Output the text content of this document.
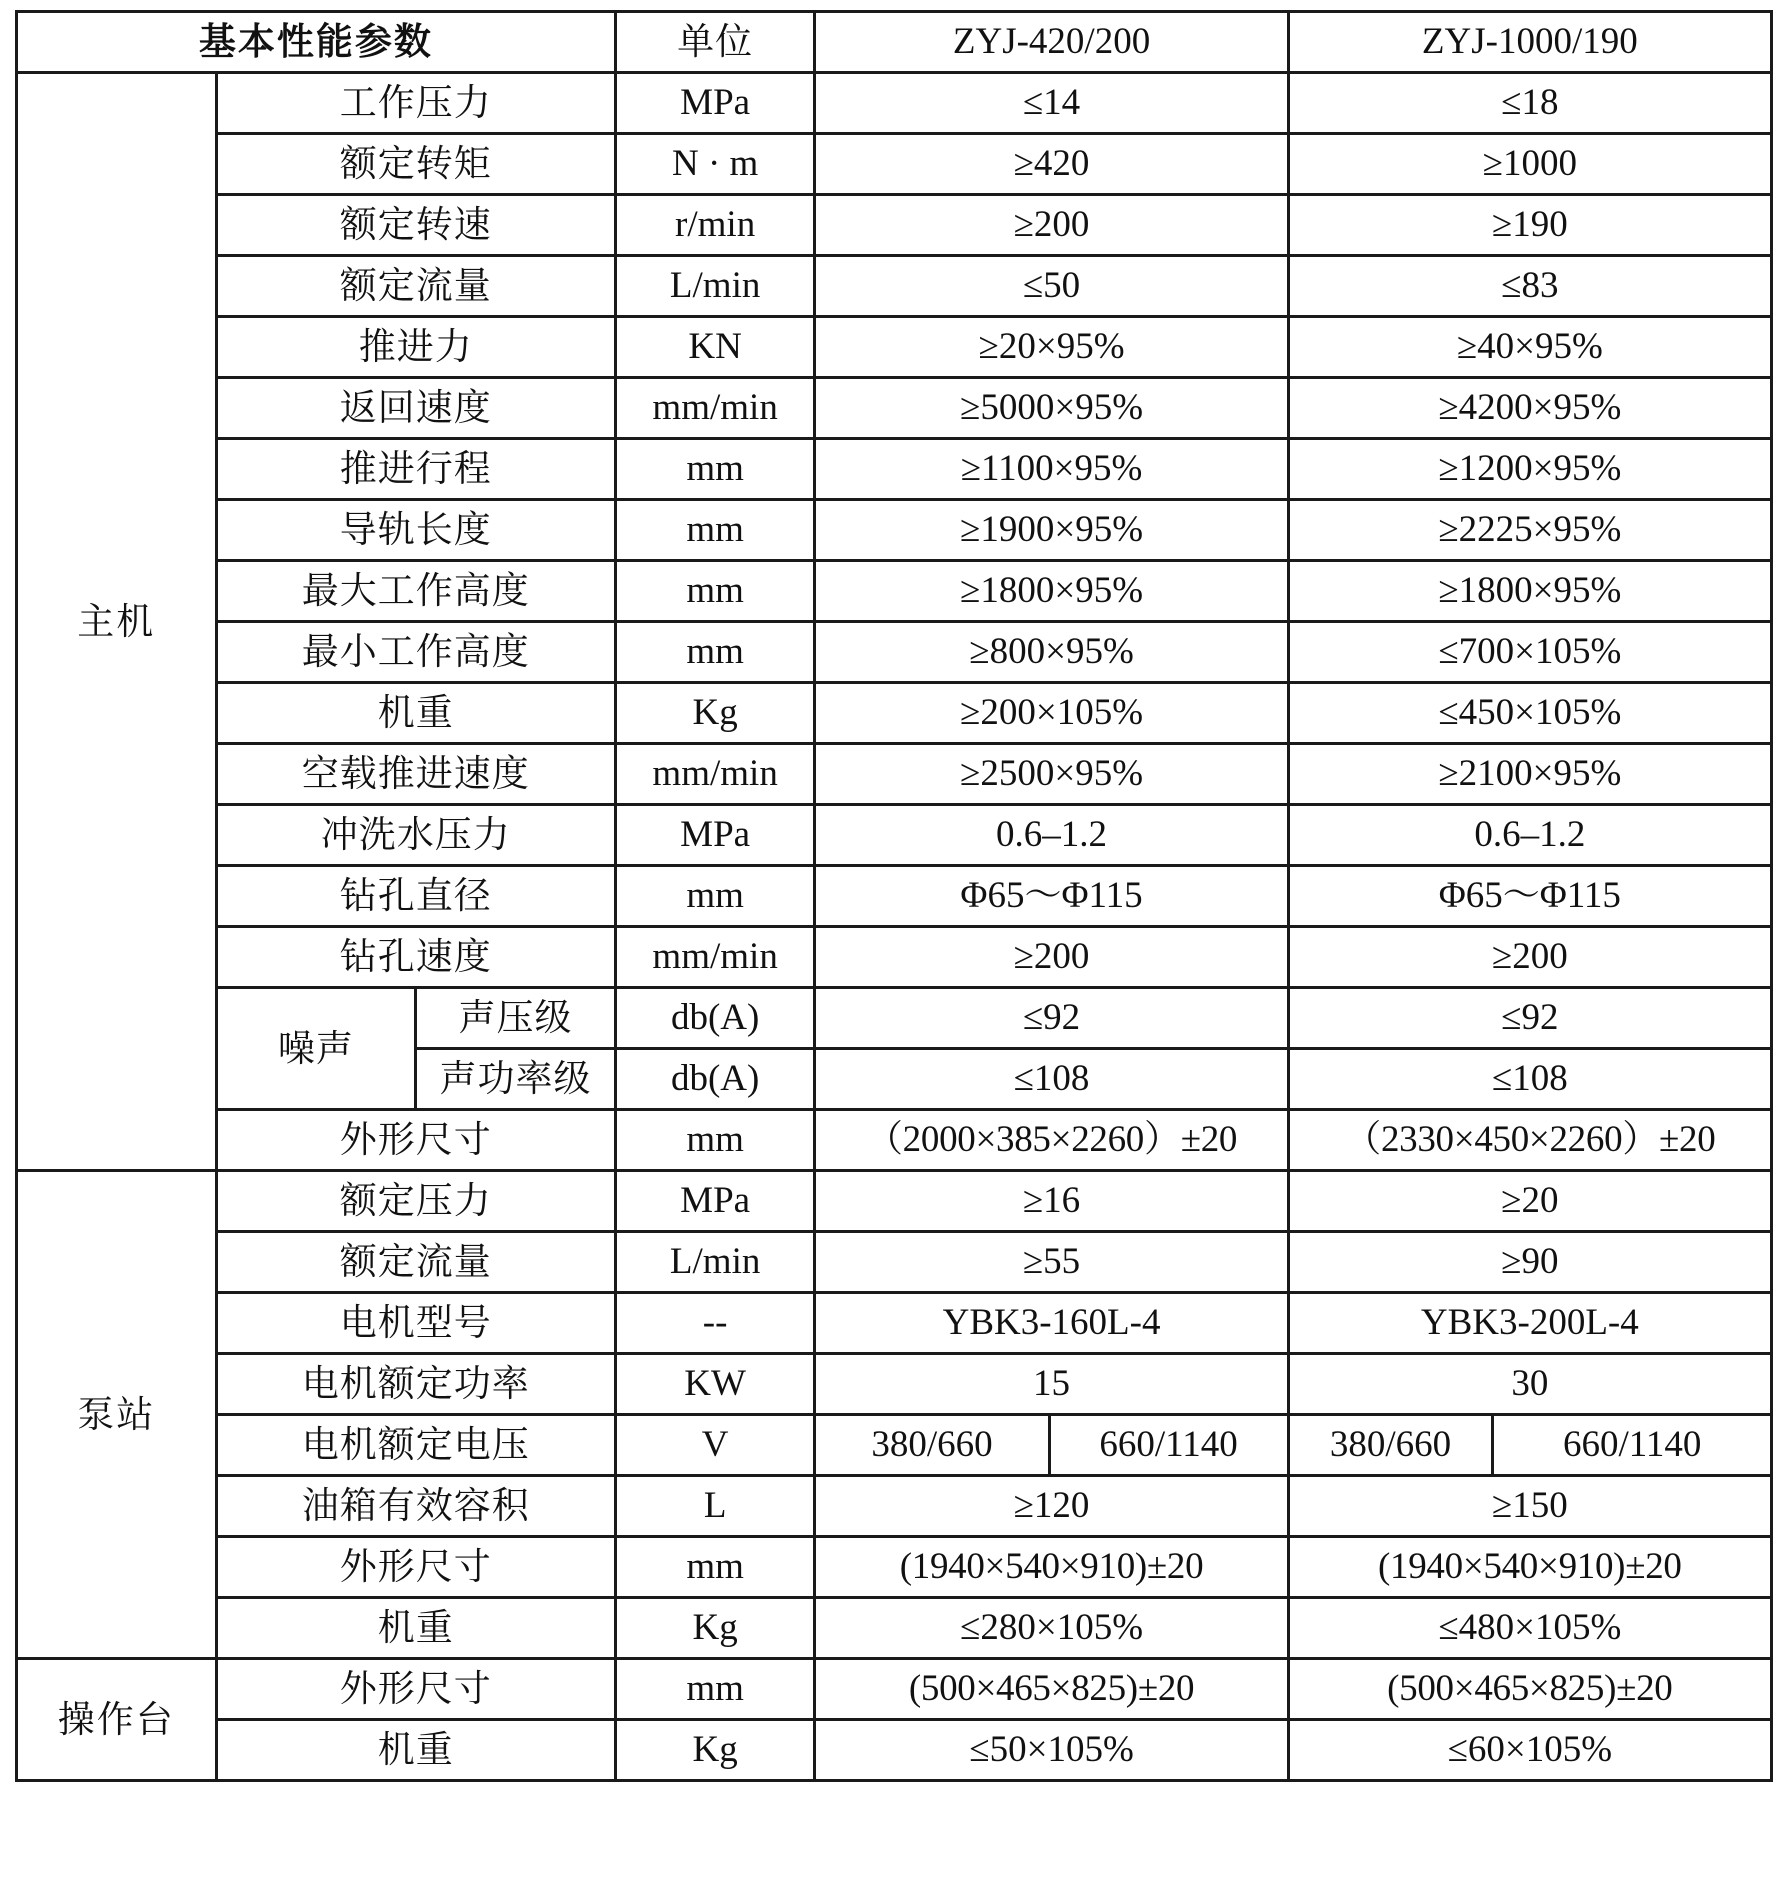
基本性能参数			单位	ZYJ-420/200		ZYJ-1000/190	
主机	工作压力		MPa	≤14		≤18	
	额定转矩		N · m	≥420		≥1000	
	额定转速		r/min	≥200		≥190	
	额定流量		L/min	≤50		≤83	
	推进力		KN	≥20×95%		≥40×95%	
	返回速度		mm/min	≥5000×95%		≥4200×95%	
	推进行程		mm	≥1100×95%		≥1200×95%	
	导轨长度		mm	≥1900×95%		≥2225×95%	
	最大工作高度		mm	≥1800×95%		≥1800×95%	
	最小工作高度		mm	≥800×95%		≤700×105%	
	机重		Kg	≥200×105%		≤450×105%	
	空载推进速度		mm/min	≥2500×95%		≥2100×95%	
	冲洗水压力		MPa	0.6–1.2		0.6–1.2	
	钻孔直径		mm	Φ65～Φ115		Φ65～Φ115	
	钻孔速度		mm/min	≥200		≥200	
	噪声	声压级	db(A)	≤92		≤92	
		声功率级	db(A)	≤108		≤108	
	外形尺寸		mm	（2000×385×2260）±20		（2330×450×2260）±20	
泵站	额定压力		MPa	≥16		≥20	
	额定流量		L/min	≥55		≥90	
	电机型号		--	YBK3-160L-4		YBK3-200L-4	
	电机额定功率		KW	15		30	
	电机额定电压		V	380/660	660/1140	380/660	660/1140
	油箱有效容积		L	≥120		≥150	
	外形尺寸		mm	(1940×540×910)±20		(1940×540×910)±20	
	机重		Kg	≤280×105%		≤480×105%	
操作台	外形尺寸		mm	(500×465×825)±20		(500×465×825)±20	
	机重		Kg	≤50×105%		≤60×105%	
